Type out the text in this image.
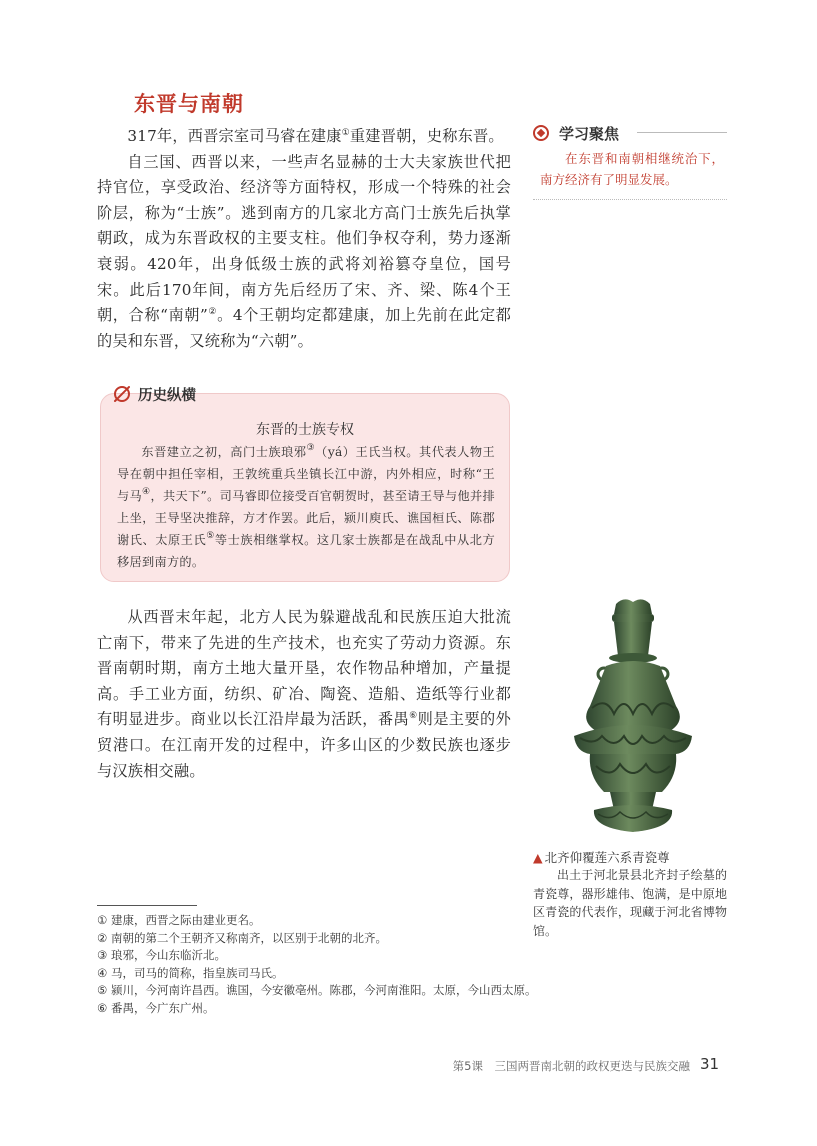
东晋与南朝

317年，西晋宗室司马睿在建康①重建晋朝，史称东晋。

自三国、西晋以来，一些声名显赫的士大夫家族世代把持官位，享受政治、经济等方面特权，形成一个特殊的社会阶层，称为“士族”。逃到南方的几家北方高门士族先后执掌朝政，成为东晋政权的主要支柱。他们争权夺利，势力逐渐衰弱。420年，出身低级士族的武将刘裕篡夺皇位，国号宋。此后170年间，南方先后经历了宋、齐、梁、陈4个王朝，合称“南朝”②。4个王朝均定都建康，加上先前在此定都的吴和东晋，又统称为“六朝”。

学习聚焦
在东晋和南朝相继统治下，南方经济有了明显发展。
东晋的士族专权
东晋建立之初，高门士族琅邪③（yá）王氏当权。其代表人物王导在朝中担任宰相，王敦统重兵坐镇长江中游，内外相应，时称“王与马④，共天下”。司马睿即位接受百官朝贺时，甚至请王导与他并排上坐，王导坚决推辞，方才作罢。此后，颍川庾氏、谯国桓氏、陈郡谢氏、太原王氏⑤等士族相继掌权。这几家士族都是在战乱中从北方移居到南方的。
历史纵横

从西晋末年起，北方人民为躲避战乱和民族压迫大批流亡南下，带来了先进的生产技术，也充实了劳动力资源。东晋南朝时期，南方土地大量开垦，农作物品种增加，产量提高。手工业方面，纺织、矿冶、陶瓷、造船、造纸等行业都有明显进步。商业以长江沿岸最为活跃，番禺⑥则是主要的外贸港口。在江南开发的过程中，许多山区的少数民族也逐步与汉族相交融。

▲ 北齐仰覆莲六系青瓷尊
出土于河北景县北齐封子绘墓的青瓷尊，器形雄伟、饱满，是中原地区青瓷的代表作，现藏于河北省博物馆。
① 建康，西晋之际由建业更名。
② 南朝的第二个王朝齐又称南齐，以区别于北朝的北齐。
③ 琅邪，今山东临沂北。
④ 马，司马的简称，指皇族司马氏。
⑤ 颍川，今河南许昌西。谯国，今安徽亳州。陈郡，今河南淮阳。太原，今山西太原。
⑥ 番禺，今广东广州。
第5课　三国两晋南北朝的政权更迭与民族交融 31
